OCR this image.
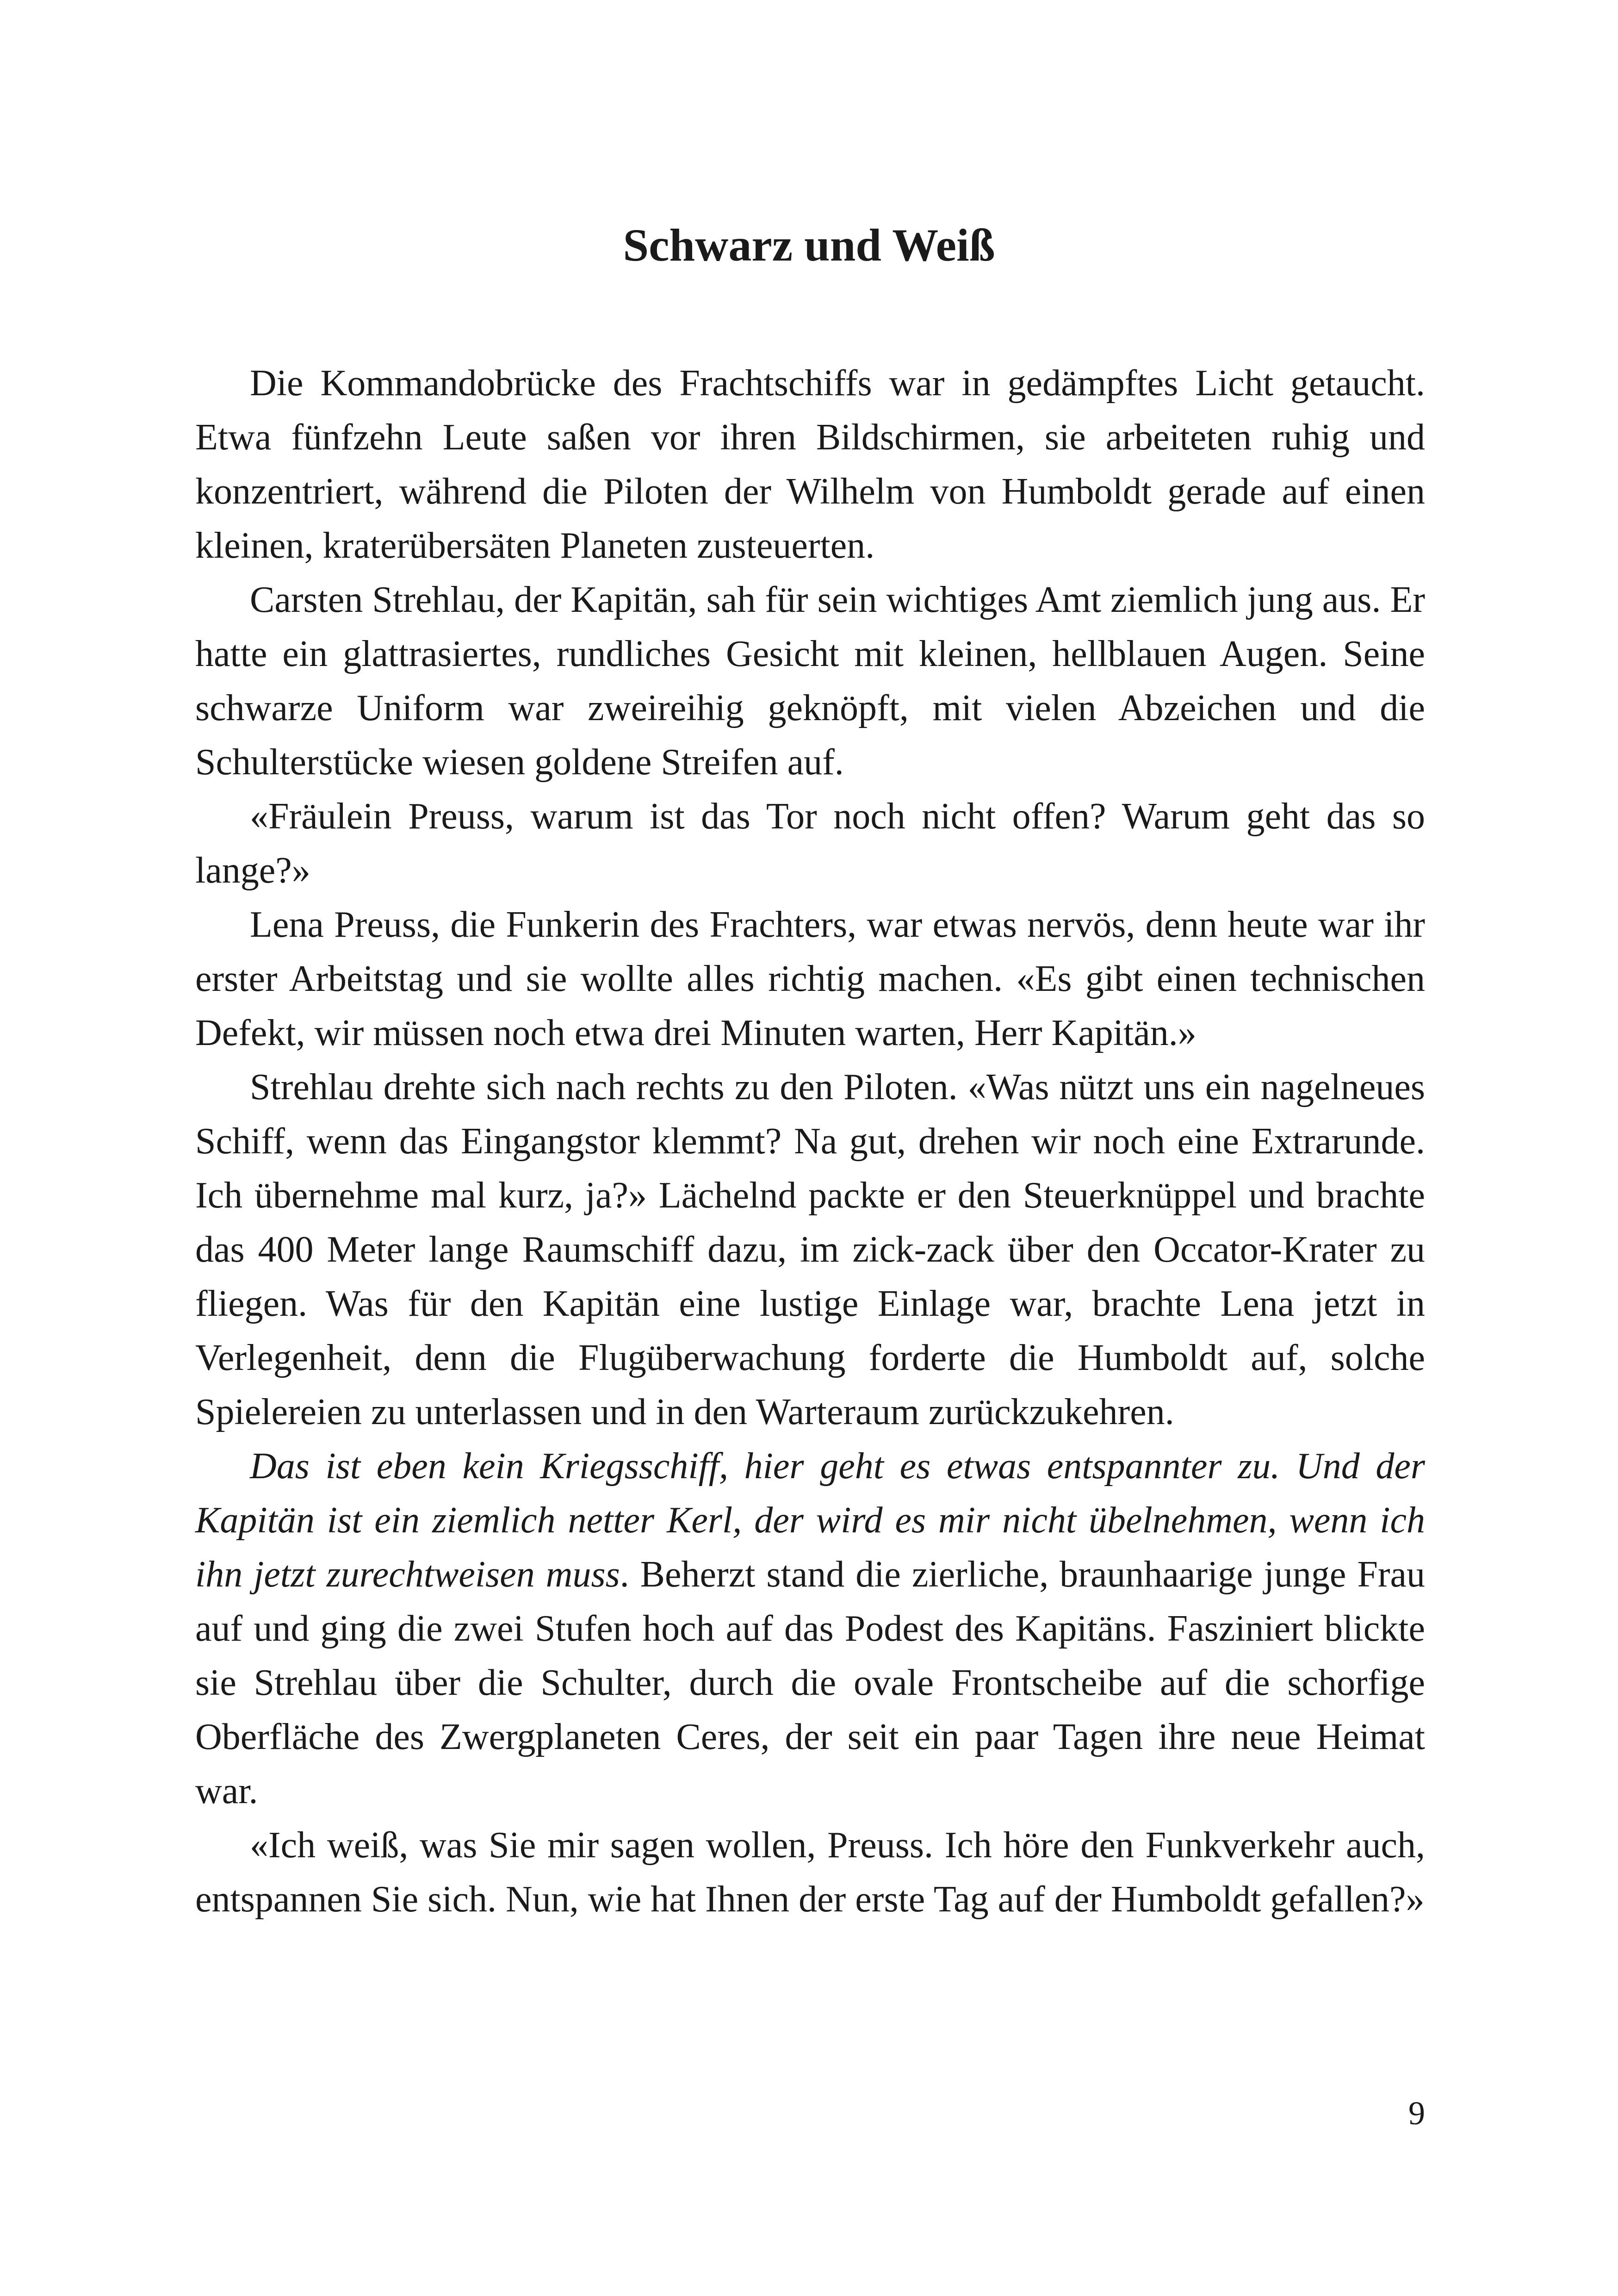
Schwarz und Weiß

Die Kommandobrücke des Frachtschiffs war in gedämpftes Licht getaucht. Etwa fünfzehn Leute saßen vor ihren Bildschirmen, sie arbeiteten ruhig und konzentriert, während die Piloten der Wilhelm von Humboldt gerade auf einen kleinen, kraterübersäten Planeten zusteuerten.

Carsten Strehlau, der Kapitän, sah für sein wichtiges Amt ziemlich jung aus. Er hatte ein glattrasiertes, rundliches Gesicht mit kleinen, hellblauen Augen. Seine schwarze Uniform war zweireihig geknöpft, mit vielen Abzeichen und die Schulterstücke wiesen goldene Streifen auf.

«Fräulein Preuss, warum ist das Tor noch nicht offen? Warum geht das so lange?»

Lena Preuss, die Funkerin des Frachters, war etwas nervös, denn heute war ihr erster Arbeitstag und sie wollte alles richtig machen. «Es gibt einen technischen Defekt, wir müssen noch etwa drei Minuten warten, Herr Kapitän.»

Strehlau drehte sich nach rechts zu den Piloten. «Was nützt uns ein nagelneues Schiff, wenn das Eingangstor klemmt? Na gut, drehen wir noch eine Extrarunde. Ich übernehme mal kurz, ja?» Lächelnd packte er den Steuerknüppel und brachte das 400 Meter lange Raumschiff dazu, im zick-zack über den Occator-Krater zu fliegen. Was für den Kapitän eine lustige Einlage war, brachte Lena jetzt in Verlegenheit, denn die Flugüberwachung forderte die Humboldt auf, solche Spielereien zu unterlassen und in den Warteraum zurückzukehren.

Das ist eben kein Kriegsschiff, hier geht es etwas entspannter zu. Und der Kapitän ist ein ziemlich netter Kerl, der wird es mir nicht übelnehmen, wenn ich ihn jetzt zurechtweisen muss. Beherzt stand die zierliche, braunhaarige junge Frau auf und ging die zwei Stufen hoch auf das Podest des Kapitäns. Fasziniert blickte sie Strehlau über die Schulter, durch die ovale Frontscheibe auf die schorfige Oberfläche des Zwergplaneten Ceres, der seit ein paar Tagen ihre neue Heimat war.

«Ich weiß, was Sie mir sagen wollen, Preuss. Ich höre den Funkverkehr auch, entspannen Sie sich. Nun, wie hat Ihnen der erste Tag auf der Humboldt gefallen?»

9
